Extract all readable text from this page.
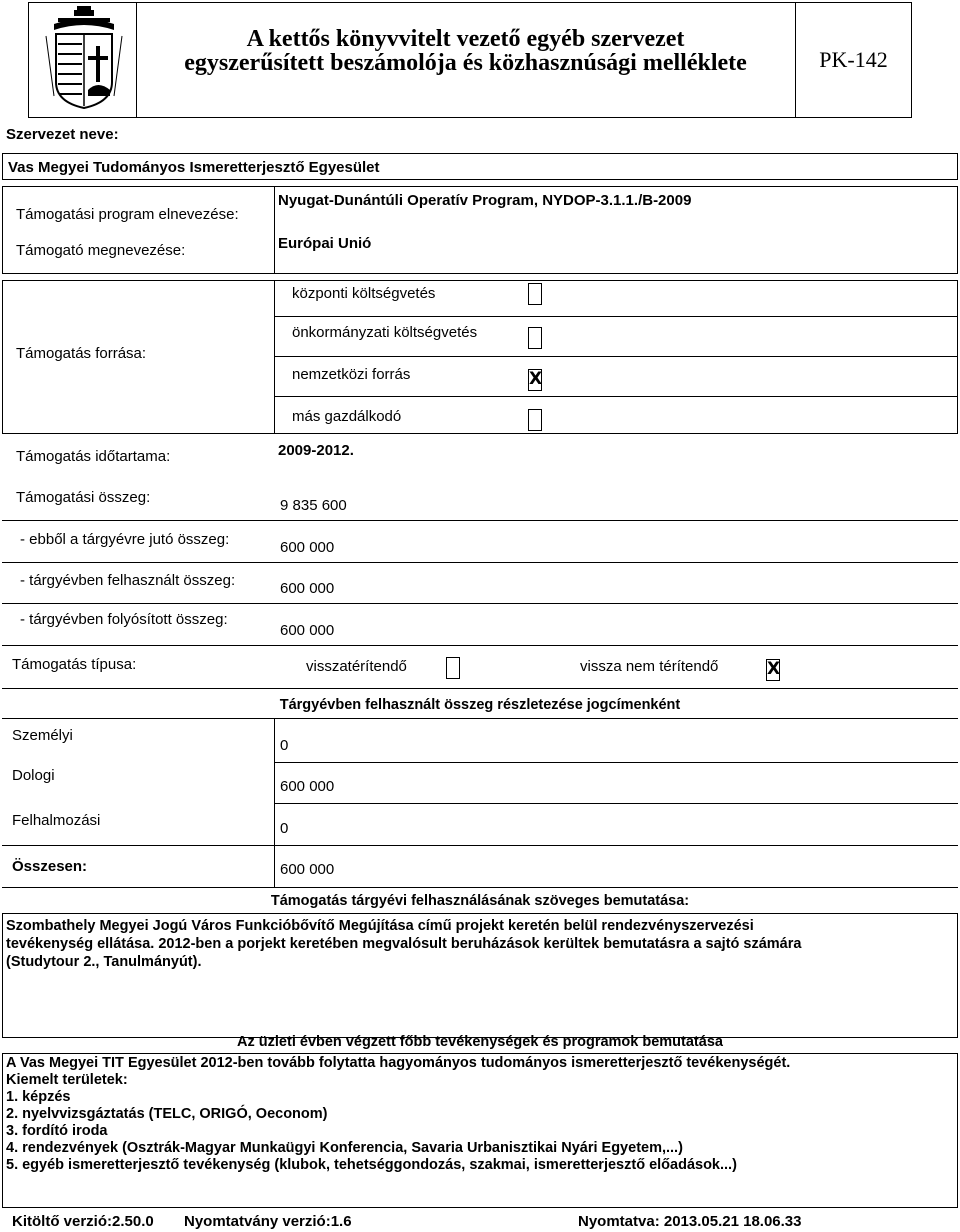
A kettős könyvvitelt vezető egyéb szervezet
egyszerűsített beszámolója és közhasznúsági melléklete	PK-142
Szervezet neve:
Vas Megyei Tudományos Ismeretterjesztő Egyesület
Támogatási program elnevezése:
Nyugat-Dunántúli Operatív Program, NYDOP-3.1.1./B-2009
Támogató megnevezése:	Európai Unió
Támogatás forrása:
központi költségvetés
önkormányzati költségvetés
nemzetközi forrás	X
más gazdálkodó
Támogatás időtartama:	2009-2012.
Támogatási összeg:	9 835 600
- ebből a tárgyévre jutó összeg:	600 000
- tárgyévben felhasznált összeg:	600 000
- tárgyévben folyósított összeg:
600 000
Támogatás típusa:	visszatérítendő	vissza nem térítendő	X
Tárgyévben felhasznált összeg részletezése jogcímenként
Személyi
0
Dologi
600 000
Felhalmozási	0
Összesen:	600 000
Támogatás tárgyévi felhasználásának szöveges bemutatása:
Szombathely Megyei Jogú Város Funkcióbővítő Megújítása című projekt keretén belül rendezvényszervezési
tevékenység ellátása. 2012-ben a porjekt keretében megvalósult beruházások kerültek bemutatásra a sajtó számára
(Studytour 2., Tanulmányút).
Az üzleti évben végzett főbb tevékenységek és programok bemutatása
A Vas Megyei TIT Egyesület 2012-ben tovább folytatta hagyományos tudományos ismeretterjesztő tevékenységét.
Kiemelt területek:
1. képzés
2. nyelvvizsgáztatás (TELC, ORIGÓ, Oeconom)
3. fordító iroda
4. rendezvények (Osztrák-Magyar Munkaügyi Konferencia, Savaria Urbanisztikai Nyári Egyetem,...)
5. egyéb ismeretterjesztő tevékenység (klubok, tehetséggondozás, szakmai, ismeretterjesztő előadások...)
Kitöltő verzió:2.50.0 Nyomtatvány verzió:1.6	Nyomtatva: 2013.05.21 18.06.33
